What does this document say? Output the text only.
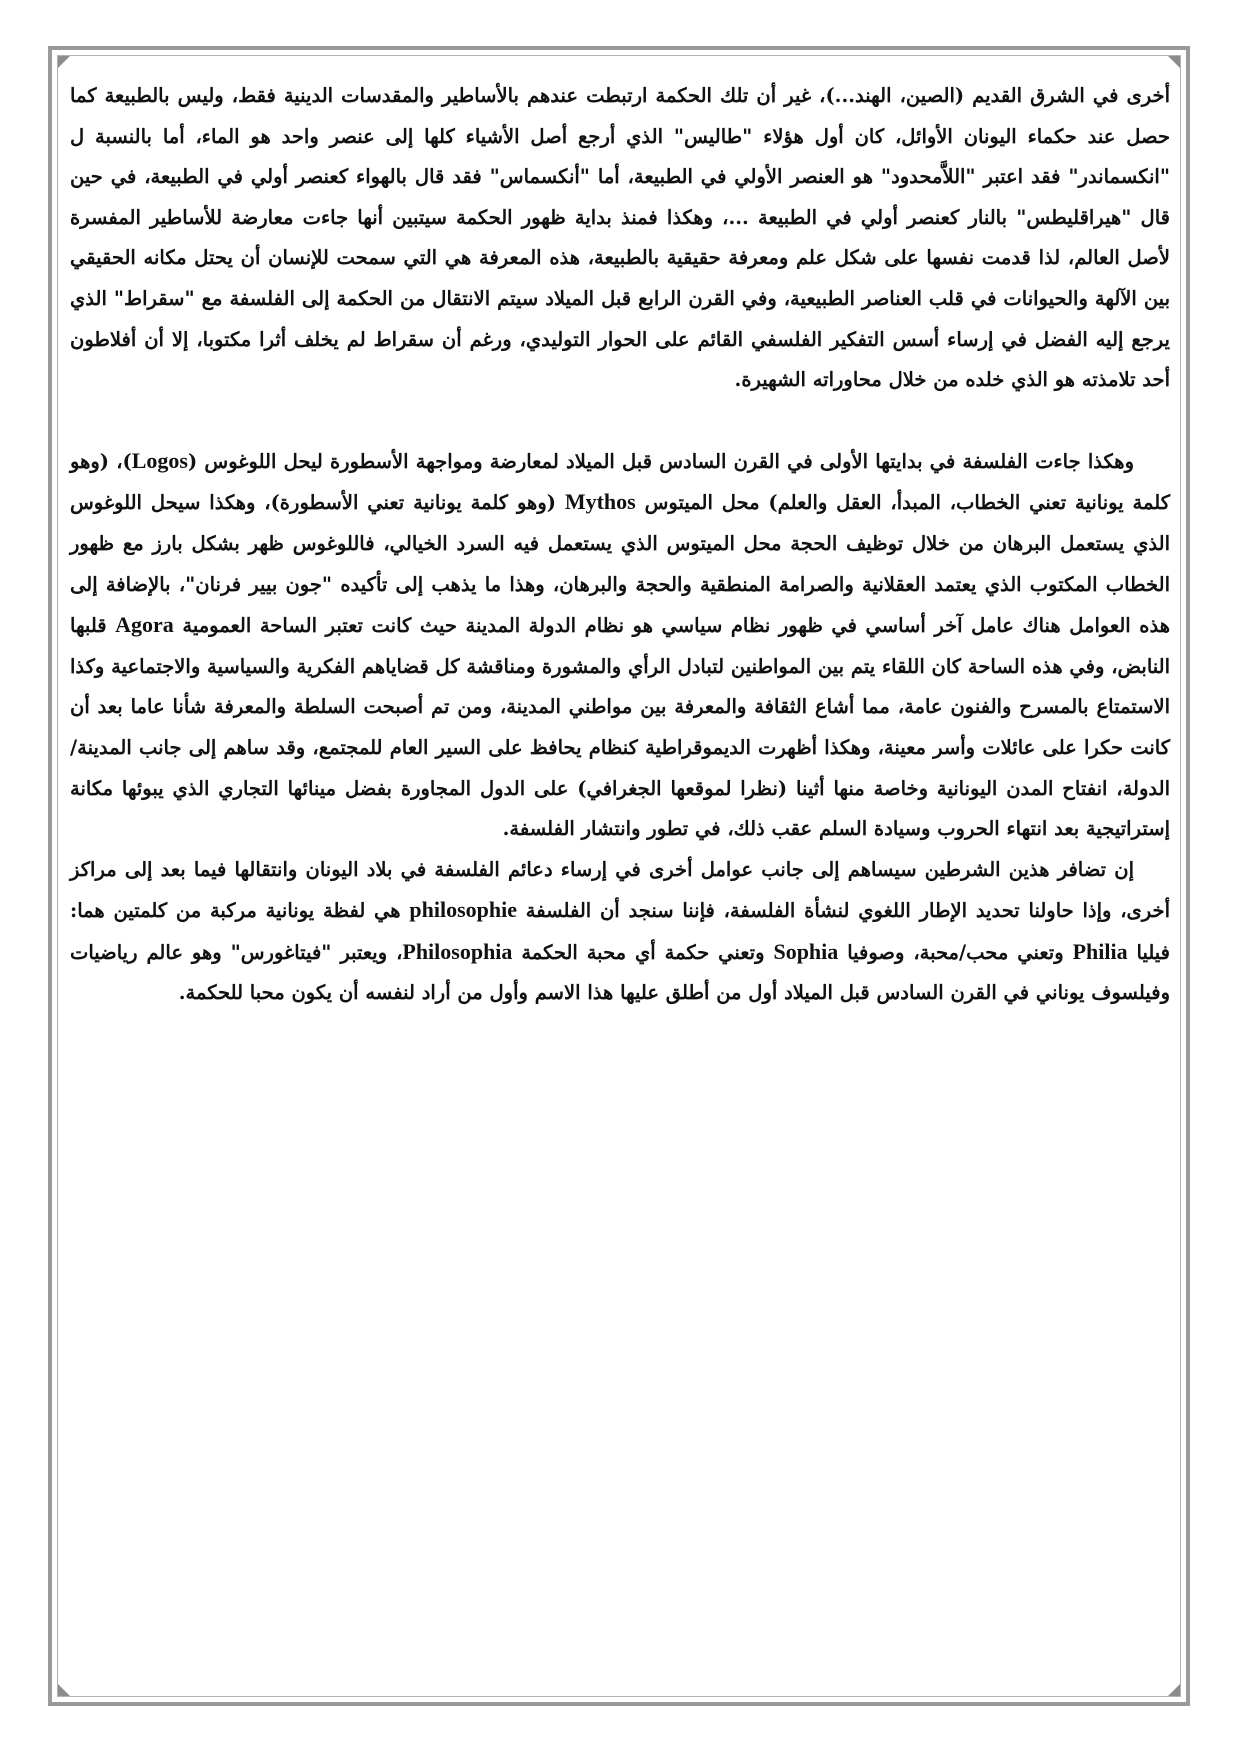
أخرى في الشرق القديم (الصين، الهند...)، غير أن تلك الحكمة ارتبطت عندهم بالأساطير والمقدسات الدينية فقط، وليس بالطبيعة كما حصل عند حكماء اليونان الأوائل، كان أول هؤلاء "طاليس" الذي أرجع أصل الأشياء كلها إلى عنصر واحد هو الماء، أما بالنسبة ل "انكسماندر" فقد اعتبر "اللاَّمحدود" هو العنصر الأولي في الطبيعة، أما "أنكسماس" فقد قال بالهواء كعنصر أولي في الطبيعة، في حين قال "هيراقليطس" بالنار كعنصر أولي في الطبيعة ...، وهكذا فمنذ بداية ظهور الحكمة سيتبين أنها جاءت معارضة للأساطير المفسرة لأصل العالم، لذا قدمت نفسها على شكل علم ومعرفة حقيقية بالطبيعة، هذه المعرفة هي التي سمحت للإنسان أن يحتل مكانه الحقيقي بين الآلهة والحيوانات في قلب العناصر الطبيعية، وفي القرن الرابع قبل الميلاد سيتم الانتقال من الحكمة إلى الفلسفة مع "سقراط" الذي يرجع إليه الفضل في إرساء أسس التفكير الفلسفي القائم على الحوار التوليدي، ورغم أن سقراط لم يخلف أثرا مكتوبا، إلا أن أفلاطون أحد تلامذته هو الذي خلده من خلال محاوراته الشهيرة.

وهكذا جاءت الفلسفة في بدايتها الأولى في القرن السادس قبل الميلاد لمعارضة ومواجهة الأسطورة ليحل اللوغوس (Logos)، (وهو كلمة يونانية تعني الخطاب، المبدأ، العقل والعلم) محل الميتوس Mythos (وهو كلمة يونانية تعني الأسطورة)، وهكذا سيحل اللوغوس الذي يستعمل البرهان من خلال توظيف الحجة محل الميتوس الذي يستعمل فيه السرد الخيالي، فاللوغوس ظهر بشكل بارز مع ظهور الخطاب المكتوب الذي يعتمد العقلانية والصرامة المنطقية والحجة والبرهان، وهذا ما يذهب إلى تأكيده "جون بيير فرنان"، بالإضافة إلى هذه العوامل هناك عامل آخر أساسي في ظهور نظام سياسي هو نظام الدولة المدينة حيث كانت تعتبر الساحة العمومية Agora قلبها النابض، وفي هذه الساحة كان اللقاء يتم بين المواطنين لتبادل الرأي والمشورة ومناقشة كل قضاياهم الفكرية والسياسية والاجتماعية وكذا الاستمتاع بالمسرح والفنون عامة، مما أشاع الثقافة والمعرفة بين مواطني المدينة، ومن تم أصبحت السلطة والمعرفة شأنا عاما بعد أن كانت حكرا على عائلات وأسر معينة، وهكذا أظهرت الديموقراطية كنظام يحافظ على السير العام للمجتمع، وقد ساهم إلى جانب المدينة/الدولة، انفتاح المدن اليونانية وخاصة منها أثينا (نظرا لموقعها الجغرافي) على الدول المجاورة بفضل مينائها التجاري الذي يبوئها مكانة إستراتيجية بعد انتهاء الحروب وسيادة السلم عقب ذلك، في تطور وانتشار الفلسفة.

إن تضافر هذين الشرطين سيساهم إلى جانب عوامل أخرى في إرساء دعائم الفلسفة في بلاد اليونان وانتقالها فيما بعد إلى مراكز أخرى، وإذا حاولنا تحديد الإطار اللغوي لنشأة الفلسفة، فإننا سنجد أن الفلسفة philosophie هي لفظة يونانية مركبة من كلمتين هما: فيليا Philia وتعني محب/محبة، وصوفيا Sophia وتعني حكمة أي محبة الحكمة Philosophia، ويعتبر "فيتاغورس" وهو عالم رياضيات وفيلسوف يوناني في القرن السادس قبل الميلاد أول من أطلق عليها هذا الاسم وأول من أراد لنفسه أن يكون محبا للحكمة.
